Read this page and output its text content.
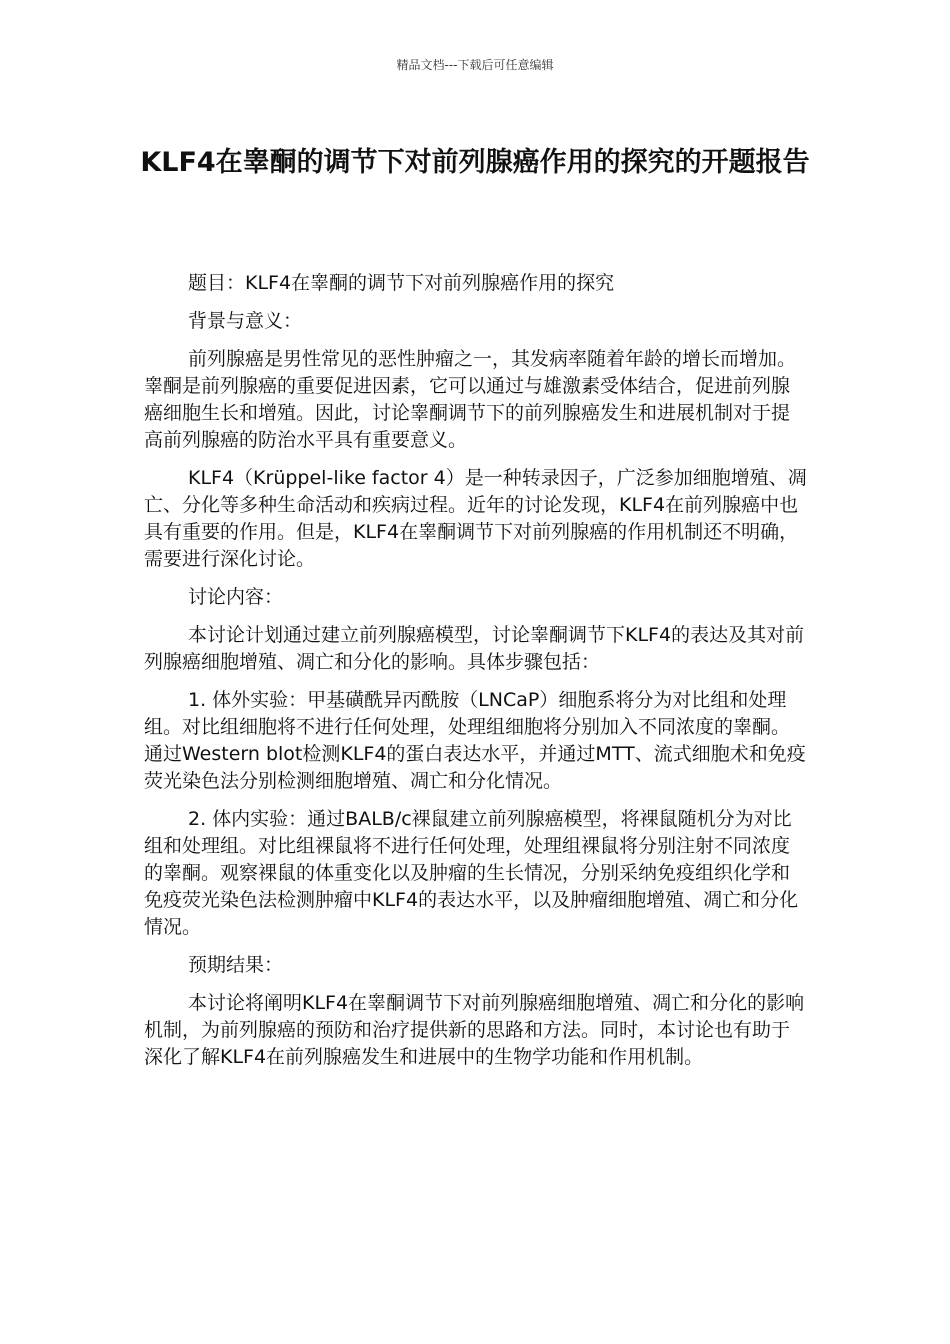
精品文档---下载后可任意编辑
KLF4在睾酮的调节下对前列腺癌作用的探究的开题报告

题目：KLF4在睾酮的调节下对前列腺癌作用的探究

背景与意义：

前列腺癌是男性常见的恶性肿瘤之一，其发病率随着年龄的增长而增加。睾酮是前列腺癌的重要促进因素，它可以通过与雄激素受体结合，促进前列腺癌细胞生长和增殖。因此，讨论睾酮调节下的前列腺癌发生和进展机制对于提高前列腺癌的防治水平具有重要意义。

KLF4（Krüppel-like factor 4）是一种转录因子，广泛参加细胞增殖、凋亡、分化等多种生命活动和疾病过程。近年的讨论发现，KLF4在前列腺癌中也具有重要的作用。但是，KLF4在睾酮调节下对前列腺癌的作用机制还不明确，需要进行深化讨论。

讨论内容：

本讨论计划通过建立前列腺癌模型，讨论睾酮调节下KLF4的表达及其对前列腺癌细胞增殖、凋亡和分化的影响。具体步骤包括：

1. 体外实验：甲基磺酰异丙酰胺（LNCaP）细胞系将分为对比组和处理组。对比组细胞将不进行任何处理，处理组细胞将分别加入不同浓度的睾酮。通过Western blot检测KLF4的蛋白表达水平，并通过MTT、流式细胞术和免疫荧光染色法分别检测细胞增殖、凋亡和分化情况。

2. 体内实验：通过BALB/c裸鼠建立前列腺癌模型，将裸鼠随机分为对比组和处理组。对比组裸鼠将不进行任何处理，处理组裸鼠将分别注射不同浓度的睾酮。观察裸鼠的体重变化以及肿瘤的生长情况，分别采纳免疫组织化学和免疫荧光染色法检测肿瘤中KLF4的表达水平，以及肿瘤细胞增殖、凋亡和分化情况。

预期结果：

本讨论将阐明KLF4在睾酮调节下对前列腺癌细胞增殖、凋亡和分化的影响机制，为前列腺癌的预防和治疗提供新的思路和方法。同时，本讨论也有助于深化了解KLF4在前列腺癌发生和进展中的生物学功能和作用机制。
